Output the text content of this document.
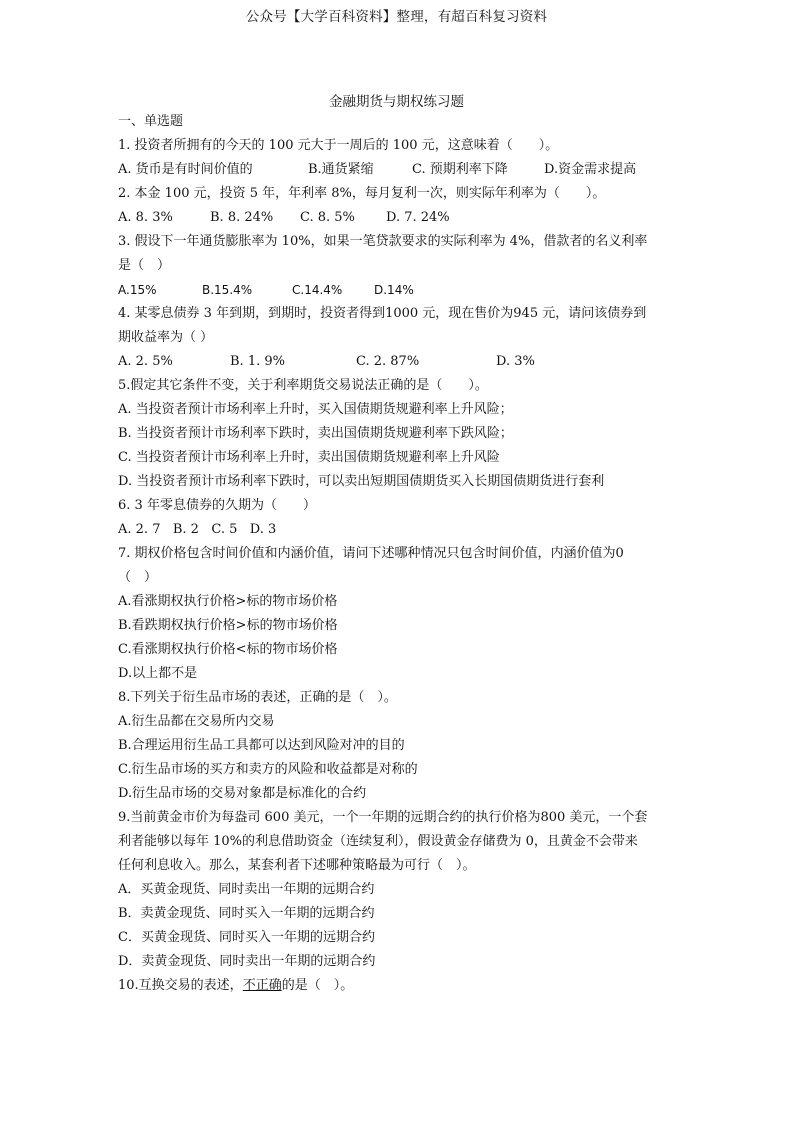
公众号【大学百科资料】整理，有超百科复习资料
金融期货与期权练习题
一、单选题
1. 投资者所拥有的今天的 100 元大于一周后的 100 元，这意味着（　　）。
A. 货币是有时间价值的	B.通货紧缩	C. 预期利率下降	D.资金需求提高
2. 本金 100 元，投资 5 年，年利率 8%，每月复利一次，则实际年利率为（　　）。
A. 8. 3%	B. 8. 24%	C. 8. 5%	D. 7. 24%
3. 假设下一年通货膨胀率为 10%，如果一笔贷款要求的实际利率为 4%，借款者的名义利率
是（　）
A.15%	B.15.4%	C.14.4%	D.14%
4. 某零息债券 3 年到期，到期时，投资者得到1000 元，现在售价为945 元，请问该债券到
期收益率为（ ）
A. 2. 5%	B. 1. 9%	C. 2. 87%	D. 3%
5.假定其它条件不变，关于利率期货交易说法正确的是（　　）。
A. 当投资者预计市场利率上升时，买入国债期货规避利率上升风险；
B. 当投资者预计市场利率下跌时，卖出国债期货规避利率下跌风险；
C. 当投资者预计市场利率上升时，卖出国债期货规避利率上升风险
D. 当投资者预计市场利率下跌时，可以卖出短期国债期货买入长期国债期货进行套利
6. 3 年零息债券的久期为（　　）
A. 2. 7   B. 2   C. 5   D. 3
7. 期权价格包含时间价值和内涵价值，请问下述哪种情况只包含时间价值，内涵价值为0
（　）
A.看涨期权执行价格>标的物市场价格
B.看跌期权执行价格>标的物市场价格
C.看涨期权执行价格<标的物市场价格
D.以上都不是
8.下列关于衍生品市场的表述，正确的是（　）。
A.衍生品都在交易所内交易
B.合理运用衍生品工具都可以达到风险对冲的目的
C.衍生品市场的买方和卖方的风险和收益都是对称的
D.衍生品市场的交易对象都是标准化的合约
9.当前黄金市价为每盎司 600 美元，一个一年期的远期合约的执行价格为800 美元，一个套
利者能够以每年 10%的利息借助资金（连续复利），假设黄金存储费为 0，且黄金不会带来
任何利息收入。那么，某套利者下述哪种策略最为可行（　）。
A．买黄金现货、同时卖出一年期的远期合约
B．卖黄金现货、同时买入一年期的远期合约
C．买黄金现货、同时买入一年期的远期合约
D．卖黄金现货、同时卖出一年期的远期合约
10.互换交易的表述，不正确的是（　）。
